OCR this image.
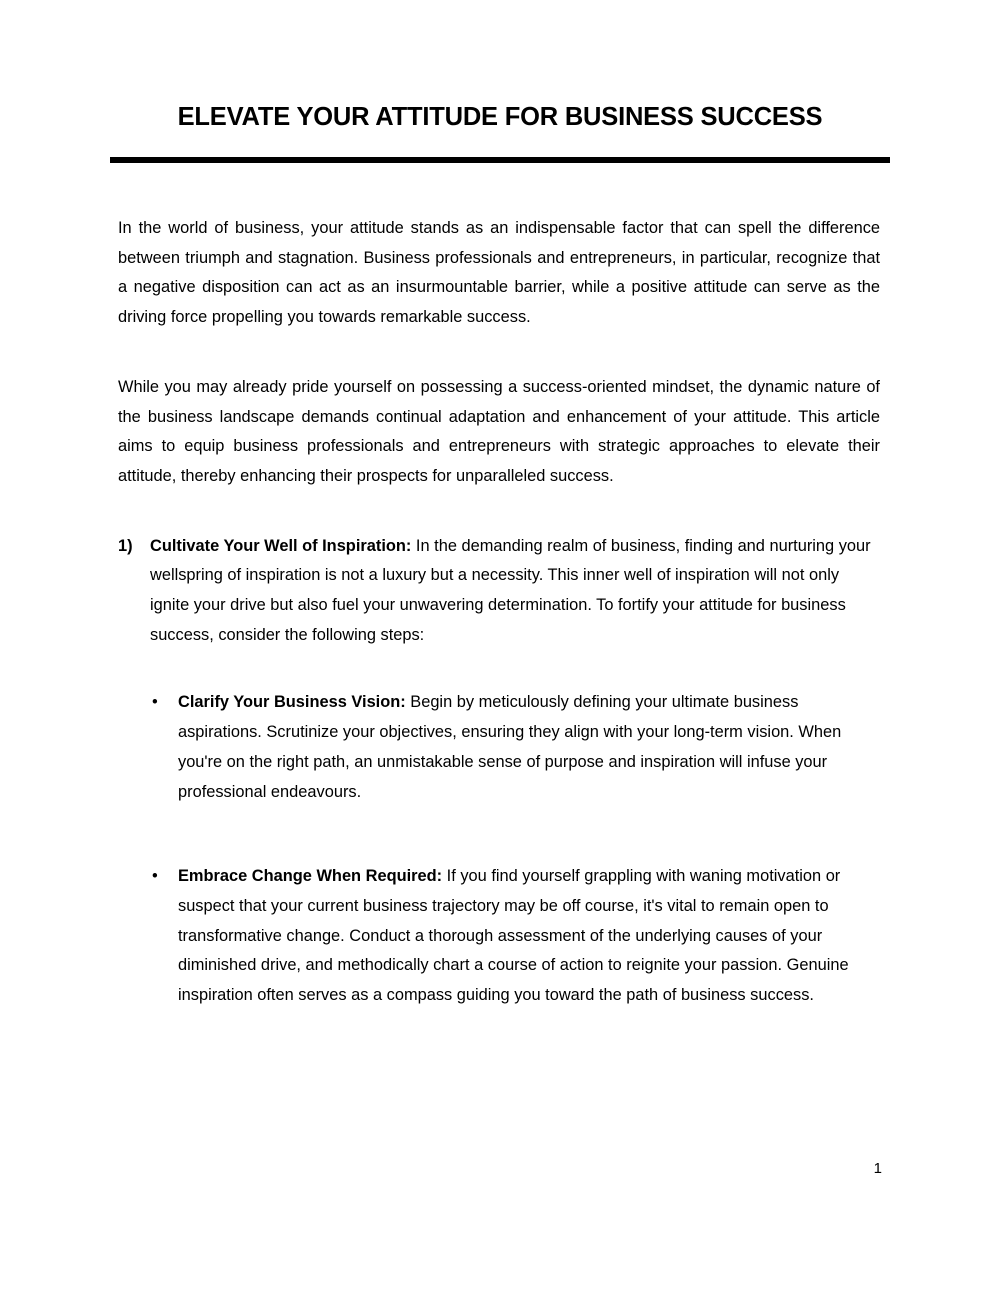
ELEVATE YOUR ATTITUDE FOR BUSINESS SUCCESS

In the world of business, your attitude stands as an indispensable factor that can spell the difference between triumph and stagnation. Business professionals and entrepreneurs, in particular, recognize that a negative disposition can act as an insurmountable barrier, while a positive attitude can serve as the driving force propelling you towards remarkable success.

While you may already pride yourself on possessing a success-oriented mindset, the dynamic nature of the business landscape demands continual adaptation and enhancement of your attitude. This article aims to equip business professionals and entrepreneurs with strategic approaches to elevate their attitude, thereby enhancing their prospects for unparalleled success.

1) Cultivate Your Well of Inspiration: In the demanding realm of business, finding and nurturing your wellspring of inspiration is not a luxury but a necessity. This inner well of inspiration will not only ignite your drive but also fuel your unwavering determination. To fortify your attitude for business success, consider the following steps:
• Clarify Your Business Vision: Begin by meticulously defining your ultimate business aspirations. Scrutinize your objectives, ensuring they align with your long-term vision. When you're on the right path, an unmistakable sense of purpose and inspiration will infuse your professional endeavours.
• Embrace Change When Required: If you find yourself grappling with waning motivation or suspect that your current business trajectory may be off course, it's vital to remain open to transformative change. Conduct a thorough assessment of the underlying causes of your diminished drive, and methodically chart a course of action to reignite your passion. Genuine inspiration often serves as a compass guiding you toward the path of business success.
1
